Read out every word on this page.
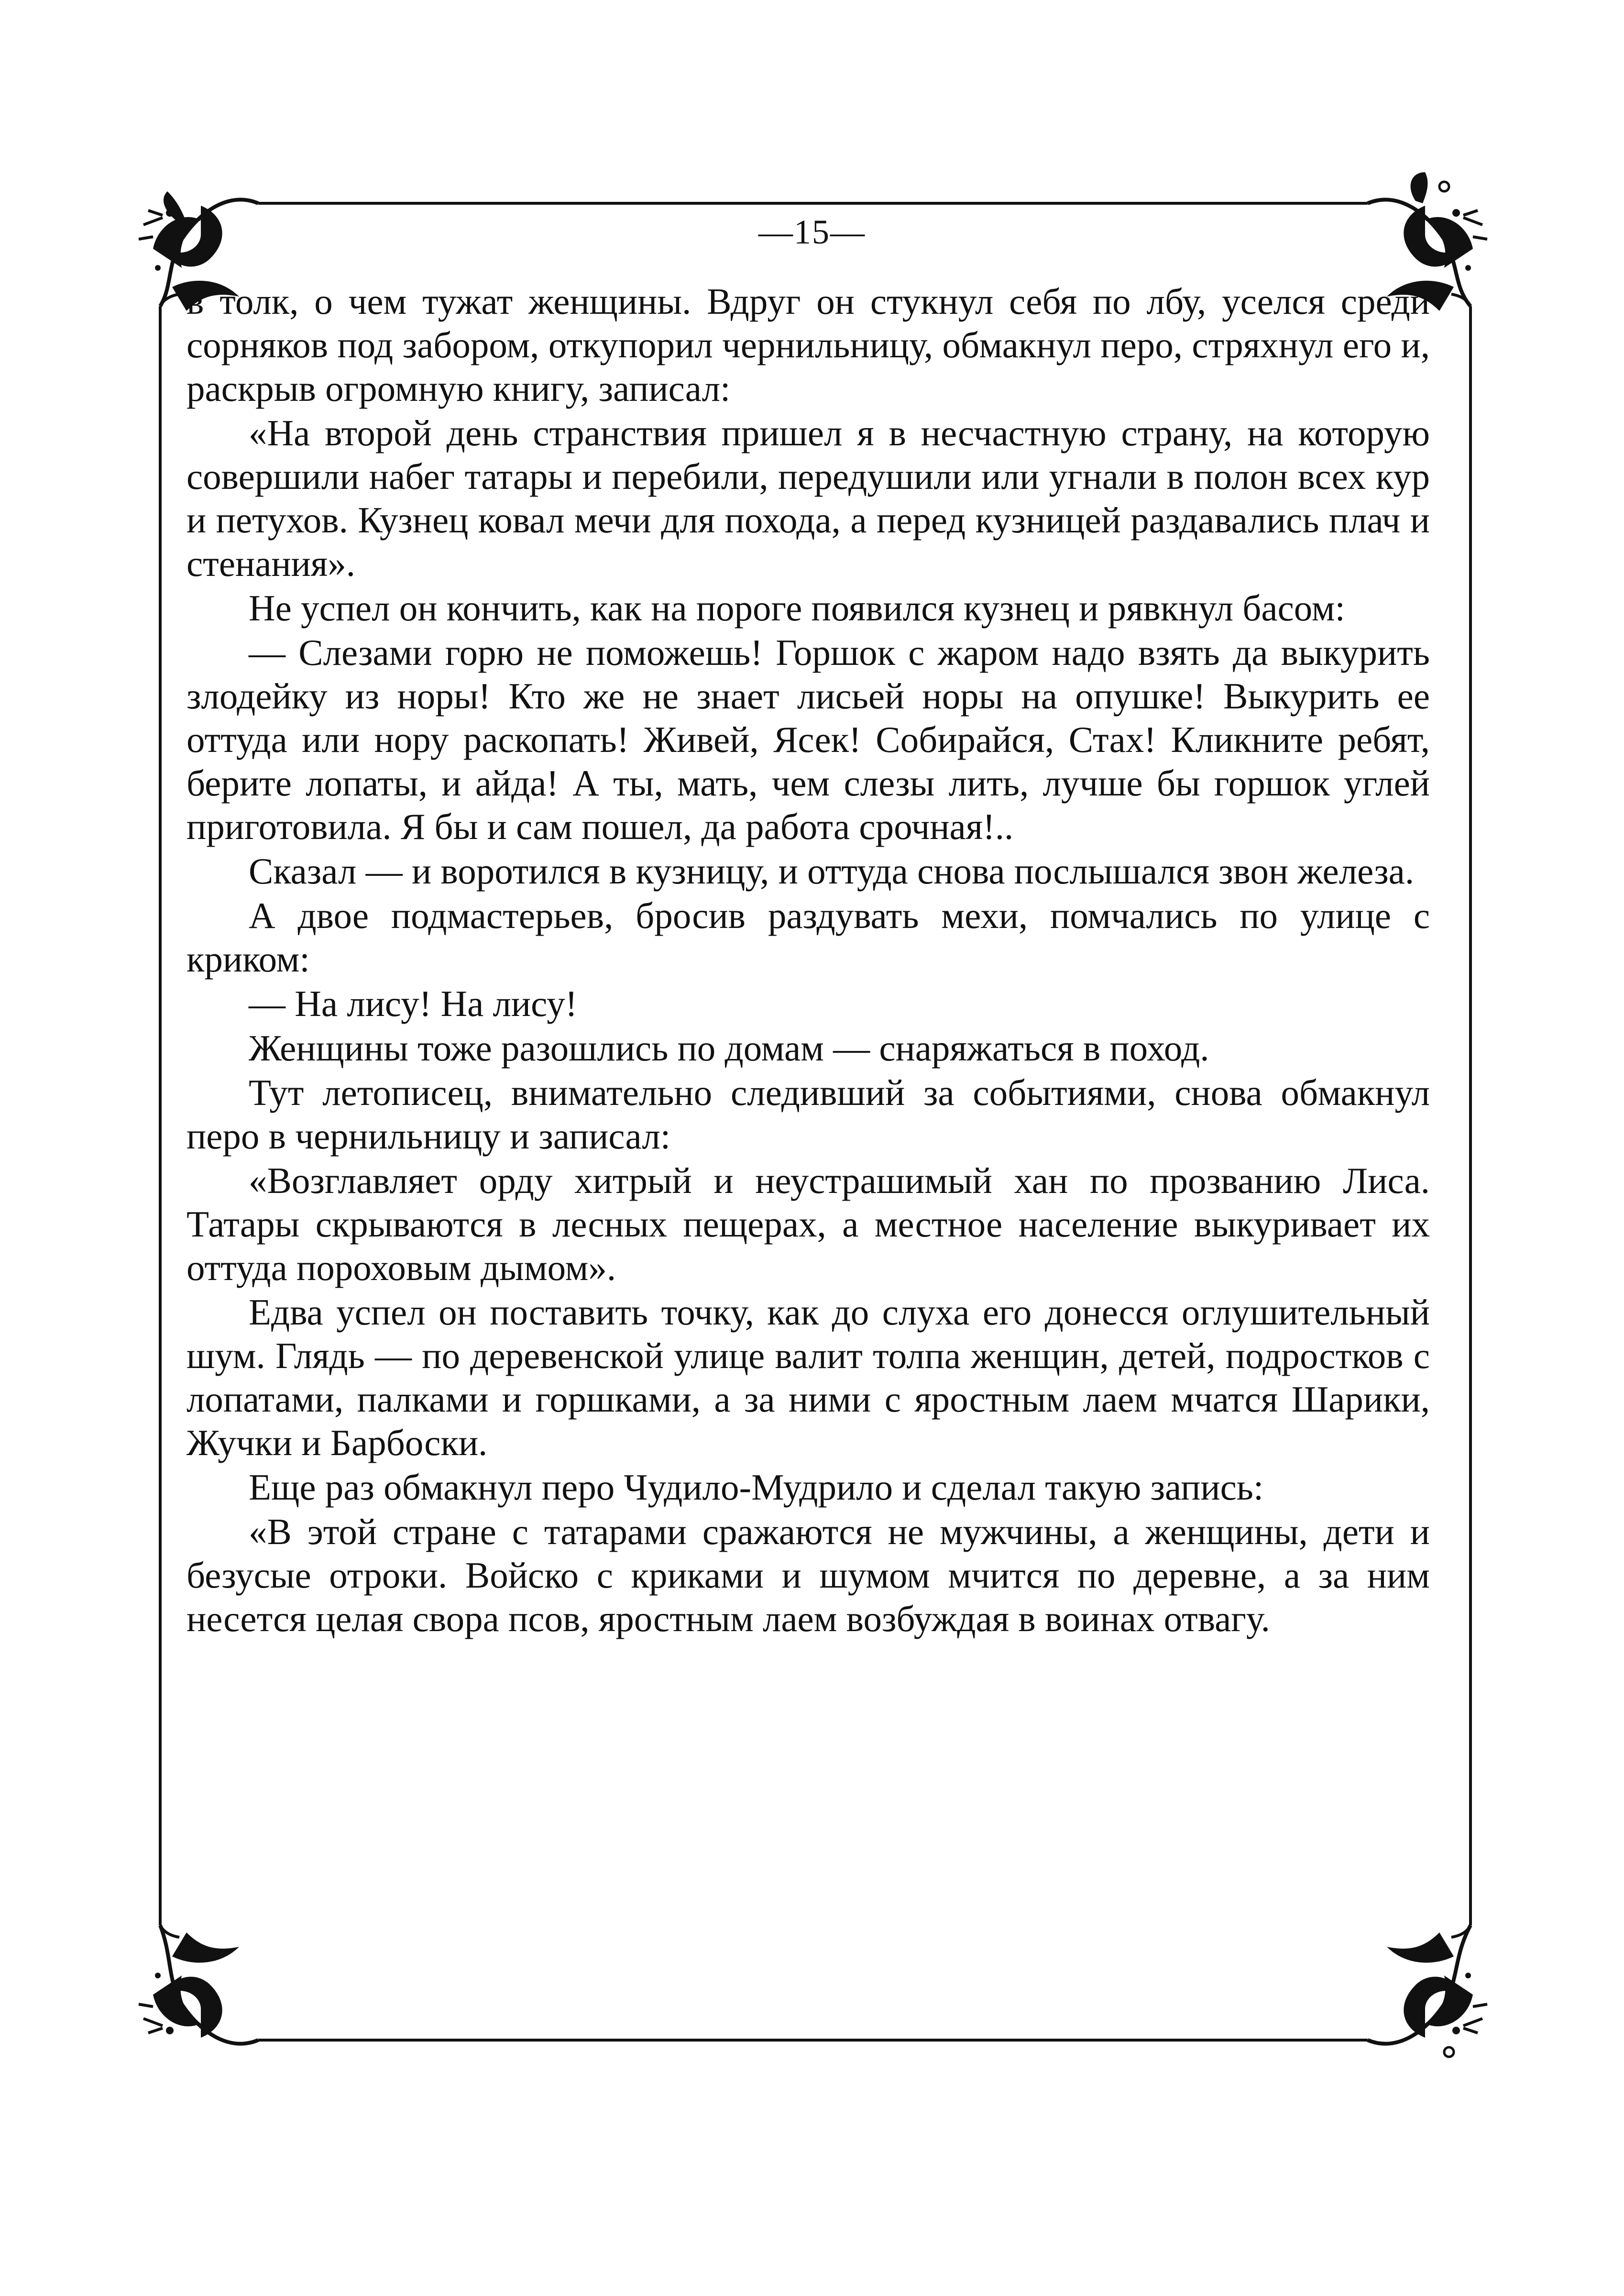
—15—

в толк, о чем тужат женщины. Вдруг он стукнул себя по лбу, уселся среди сорняков под забором, откупорил чернильницу, обмакнул перо, стряхнул его и, раскрыв огромную книгу, записал:

«На второй день странствия пришел я в несчастную страну, на которую совершили набег татары и перебили, передушили или угнали в полон всех кур и петухов. Кузнец ковал мечи для похода, а перед кузницей раздавались плач и стенания».

Не успел он кончить, как на пороге появился кузнец и рявкнул басом:

— Слезами горю не поможешь! Горшок с жаром надо взять да выкурить злодейку из норы! Кто же не знает лисьей норы на опушке! Выкурить ее оттуда или нору раскопать! Живей, Ясек! Собирайся, Стах! Кликните ребят, берите лопаты, и айда! А ты, мать, чем слезы лить, лучше бы горшок углей приготовила. Я бы и сам пошел, да работа срочная!..

Сказал — и воротился в кузницу, и оттуда снова послышался звон железа.

А двое подмастерьев, бросив раздувать мехи, помчались по улице с криком:

— На лису! На лису!

Женщины тоже разошлись по домам — снаряжаться в поход.

Тут летописец, внимательно следивший за событиями, снова обмакнул перо в чернильницу и записал:

«Возглавляет орду хитрый и неустрашимый хан по прозванию Лиса. Татары скрываются в лесных пещерах, а местное население выкуривает их оттуда пороховым дымом».

Едва успел он поставить точку, как до слуха его донесся оглушительный шум. Глядь — по деревенской улице валит толпа женщин, детей, подростков с лопатами, палками и горшками, а за ними с яростным лаем мчатся Шарики, Жучки и Барбоски.

Еще раз обмакнул перо Чудило-Мудрило и сделал такую запись:

«В этой стране с татарами сражаются не мужчины, а женщины, дети и безусые отроки. Войско с криками и шумом мчится по деревне, а за ним несется целая свора псов, яростным лаем возбуждая в воинах отвагу.
